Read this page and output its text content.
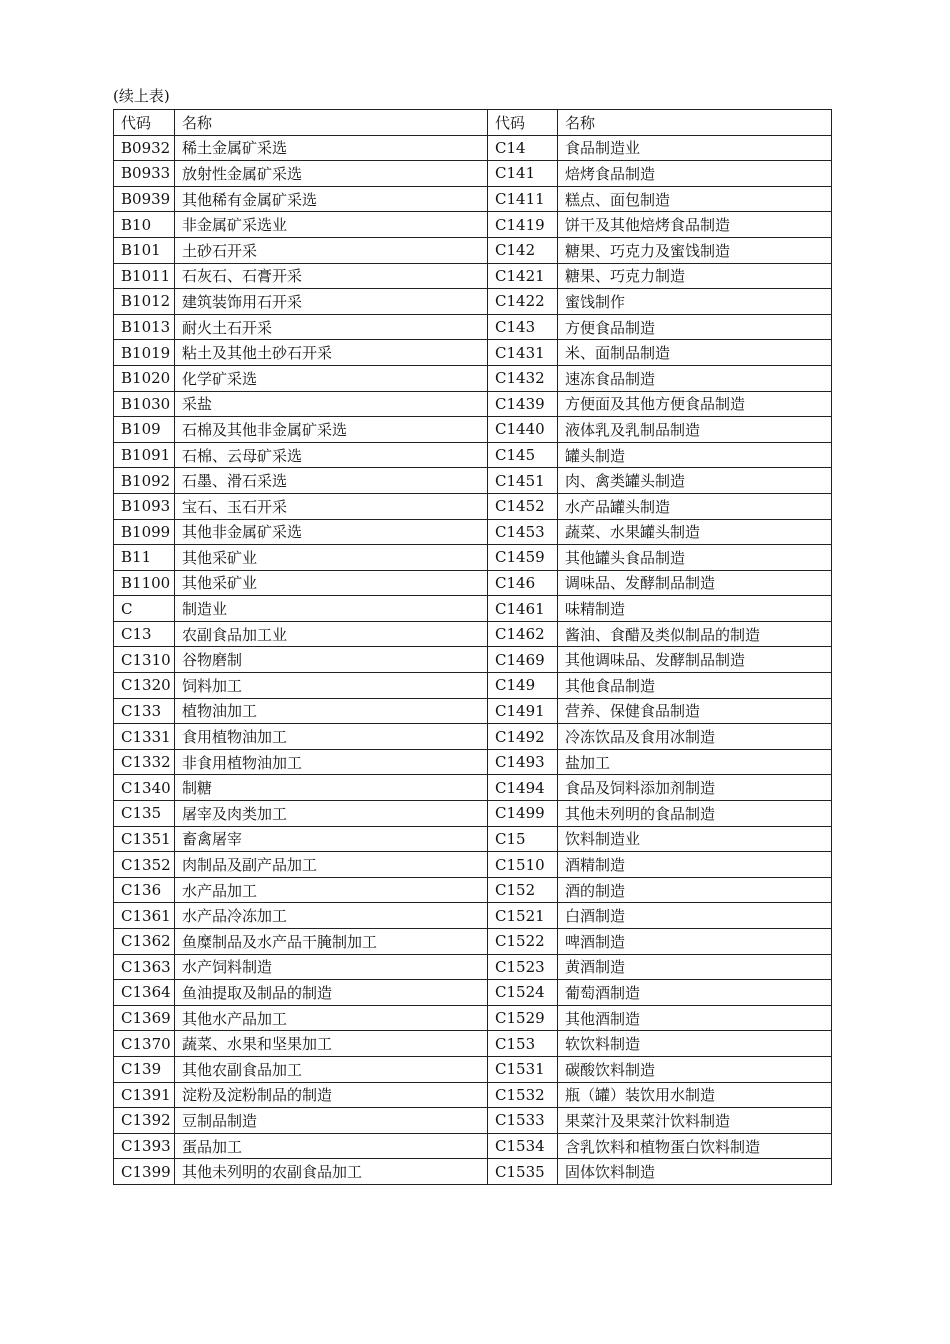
(续上表)
代码	名称	代码	名称
B0932	稀土金属矿采选	C14	食品制造业
B0933	放射性金属矿采选	C141	焙烤食品制造
B0939	其他稀有金属矿采选	C1411	糕点、面包制造
B10	非金属矿采选业	C1419	饼干及其他焙烤食品制造
B101	土砂石开采	C142	糖果、巧克力及蜜饯制造
B1011	石灰石、石膏开采	C1421	糖果、巧克力制造
B1012	建筑装饰用石开采	C1422	蜜饯制作
B1013	耐火土石开采	C143	方便食品制造
B1019	粘土及其他土砂石开采	C1431	米、面制品制造
B1020	化学矿采选	C1432	速冻食品制造
B1030	采盐	C1439	方便面及其他方便食品制造
B109	石棉及其他非金属矿采选	C1440	液体乳及乳制品制造
B1091	石棉、云母矿采选	C145	罐头制造
B1092	石墨、滑石采选	C1451	肉、禽类罐头制造
B1093	宝石、玉石开采	C1452	水产品罐头制造
B1099	其他非金属矿采选	C1453	蔬菜、水果罐头制造
B11	其他采矿业	C1459	其他罐头食品制造
B1100	其他采矿业	C146	调味品、发酵制品制造
C	制造业	C1461	味精制造
C13	农副食品加工业	C1462	酱油、食醋及类似制品的制造
C1310	谷物磨制	C1469	其他调味品、发酵制品制造
C1320	饲料加工	C149	其他食品制造
C133	植物油加工	C1491	营养、保健食品制造
C1331	食用植物油加工	C1492	冷冻饮品及食用冰制造
C1332	非食用植物油加工	C1493	盐加工
C1340	制糖	C1494	食品及饲料添加剂制造
C135	屠宰及肉类加工	C1499	其他未列明的食品制造
C1351	畜禽屠宰	C15	饮料制造业
C1352	肉制品及副产品加工	C1510	酒精制造
C136	水产品加工	C152	酒的制造
C1361	水产品冷冻加工	C1521	白酒制造
C1362	鱼糜制品及水产品干腌制加工	C1522	啤酒制造
C1363	水产饲料制造	C1523	黄酒制造
C1364	鱼油提取及制品的制造	C1524	葡萄酒制造
C1369	其他水产品加工	C1529	其他酒制造
C1370	蔬菜、水果和坚果加工	C153	软饮料制造
C139	其他农副食品加工	C1531	碳酸饮料制造
C1391	淀粉及淀粉制品的制造	C1532	瓶（罐）装饮用水制造
C1392	豆制品制造	C1533	果菜汁及果菜汁饮料制造
C1393	蛋品加工	C1534	含乳饮料和植物蛋白饮料制造
C1399	其他未列明的农副食品加工	C1535	固体饮料制造
